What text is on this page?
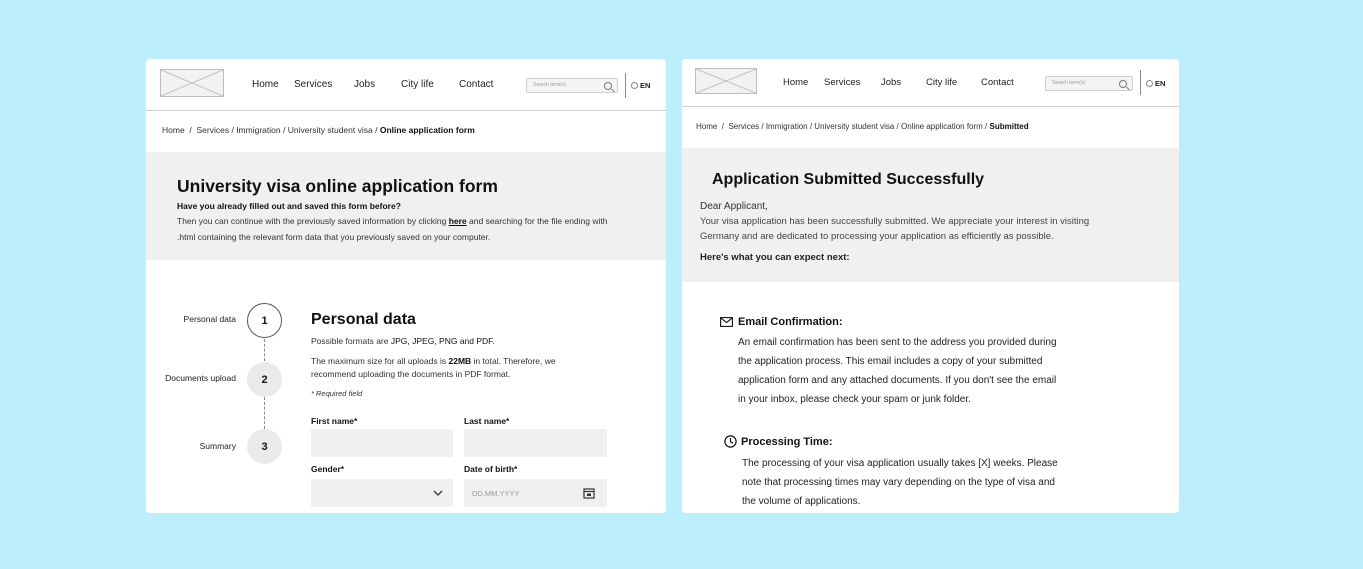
Home Services Jobs	City life	Contact	Search term(s)	EN
Home  /  Services / Immigration / University student visa / Online application form
University visa online application form
Have you already filled out and saved this form before?
Then you can continue with the previously saved information by clicking here and searching for the file ending with
.html containing the relevant form data that you previously saved on your computer.
Personal data
Documents upload
Summary
1
2
3
Personal data
Possible formats are JPG, JPEG, PNG and PDF.
The maximum size for all uploads is 22MB in total. Therefore, we
recommend uploading the documents in PDF format.
* Required field
First name*	Last name*
Gender*	Date of birth*
DD.MM.YYYY
Home Services Jobs	City life	Contact	Search term(s)	EN
Home  /  Services / Immigration / University student visa / Online application form / Submitted
Application Submitted Successfully
Dear Applicant,
Your visa application has been successfully submitted. We appreciate your interest in visiting
Germany and are dedicated to processing your application as efficiently as possible.
Here's what you can expect next:
Email Confirmation:
An email confirmation has been sent to the address you provided during
the application process. This email includes a copy of your submitted
application form and any attached documents. If you don't see the email
in your inbox, please check your spam or junk folder.
Processing Time:
The processing of your visa application usually takes [X] weeks. Please
note that processing times may vary depending on the type of visa and
the volume of applications.
